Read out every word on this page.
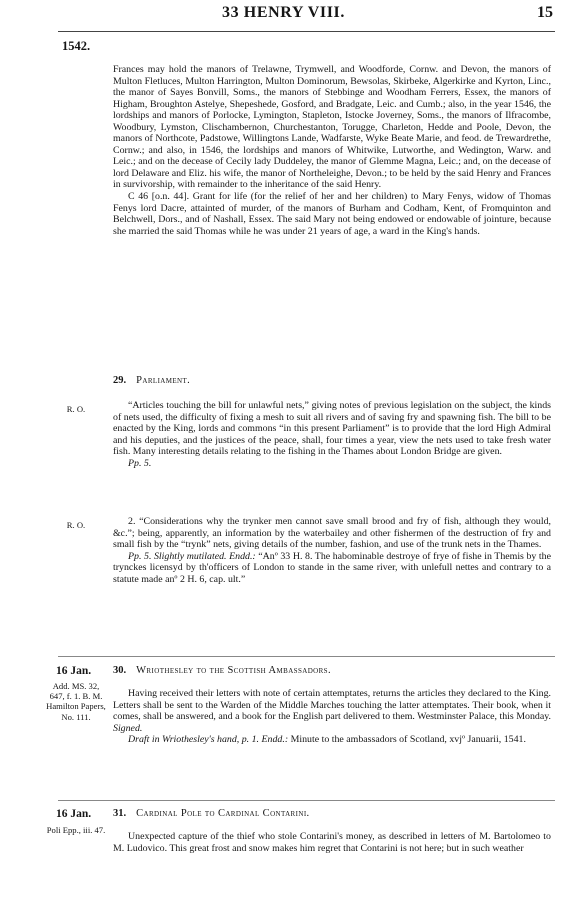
33 HENRY VIII.	15
1542.

Frances may hold the manors of Trelawne, Trymwell, and Woodforde, Cornw. and Devon, the manors of Multon Fletluces, Multon Harrington, Multon Dominorum, Bewsolas, Skirbeke, Algerkirke and Kyrton, Linc., the manor of Sayes Bonvill, Soms., the manors of Stebbinge and Woodham Ferrers, Essex, the manors of Higham, Broughton Astelye, Shepeshede, Gosford, and Bradgate, Leic. and Cumb.; also, in the year 1546, the lordships and manors of Porlocke, Lymington, Stapleton, Istocke Joverney, Soms., the manors of Ilfracombe, Woodbury, Lymston, Clischambernon, Churchestanton, Torugge, Charleton, Hedde and Poole, Devon, the manors of Northcote, Padstowe, Willingtons Lande, Wadfarste, Wyke Beate Marie, and feod. de Trewardrethe, Cornw.; and also, in 1546, the lordships and manors of Whitwike, Lutworthe, and Wedington, Warw. and Leic.; and on the decease of Cecily lady Duddeley, the manor of Glemme Magna, Leic.; and, on the decease of lord Delaware and Eliz. his wife, the manor of Northeleighe, Devon.; to be held by the said Henry and Frances in survivorship, with remainder to the inheritance of the said Henry.

C 46 [o.n. 44]. Grant for life (for the relief of her and her children) to Mary Fenys, widow of Thomas Fenys lord Dacre, attainted of murder, of the manors of Burham and Codham, Kent, of Fromquinton and Belchwell, Dors., and of Nashall, Essex. The said Mary not being endowed or endowable of jointure, because she married the said Thomas while he was under 21 years of age, a ward in the King's hands.

29. Parliament.
R. O.	“Articles touching the bill for unlawful nets,” giving notes of previous legislation on the subject, the kinds of nets used, the difficulty of fixing a mesh to suit all rivers and of saving fry and spawning fish. The bill to be enacted by the King, lords and commons “in this present Parliament” is to provide that the lord High Admiral and his deputies, and the justices of the peace, shall, four times a year, view the nets used to take fresh water fish. Many interesting details relating to the fishing in the Thames about London Bridge are given.

Pp. 5.

R. O.	2. “Considerations why the trynker men cannot save small brood and fry of fish, although they would, &c.”; being, apparently, an information by the waterbailey and other fishermen of the destruction of fry and small fish by the “trynk” nets, giving details of the number, fashion, and use of the trunk nets in the Thames.

Pp. 5. Slightly mutilated. Endd.: “Anº 33 H. 8. The habominable destroye of frye of fishe in Themis by the trynckes licensyd by th'officers of London to stande in the same river, with unlefull nettes and contrary to a statute made anº 2 H. 6, cap. ult.”

16 Jan.
Add. MS. 32, 647, f. 1. B. M. Hamilton Papers, No. 111.
30. Wriothesley to the Scottish Ambassadors.

Having received their letters with note of certain attemptates, returns the articles they declared to the King. Letters shall be sent to the Warden of the Middle Marches touching the latter attemptates. Their book, when it comes, shall be answered, and a book for the English part delivered to them. Westminster Palace, this Monday. Signed.

Draft in Wriothesley's hand, p. 1. Endd.: Minute to the ambassadors of Scotland, xvjº Januarii, 1541.

16 Jan.
Poli Epp., iii. 47.
31. Cardinal Pole to Cardinal Contarini.

Unexpected capture of the thief who stole Contarini's money, as described in letters of M. Bartolomeo to M. Ludovico. This great frost and snow makes him regret that Contarini is not here; but in such weather
